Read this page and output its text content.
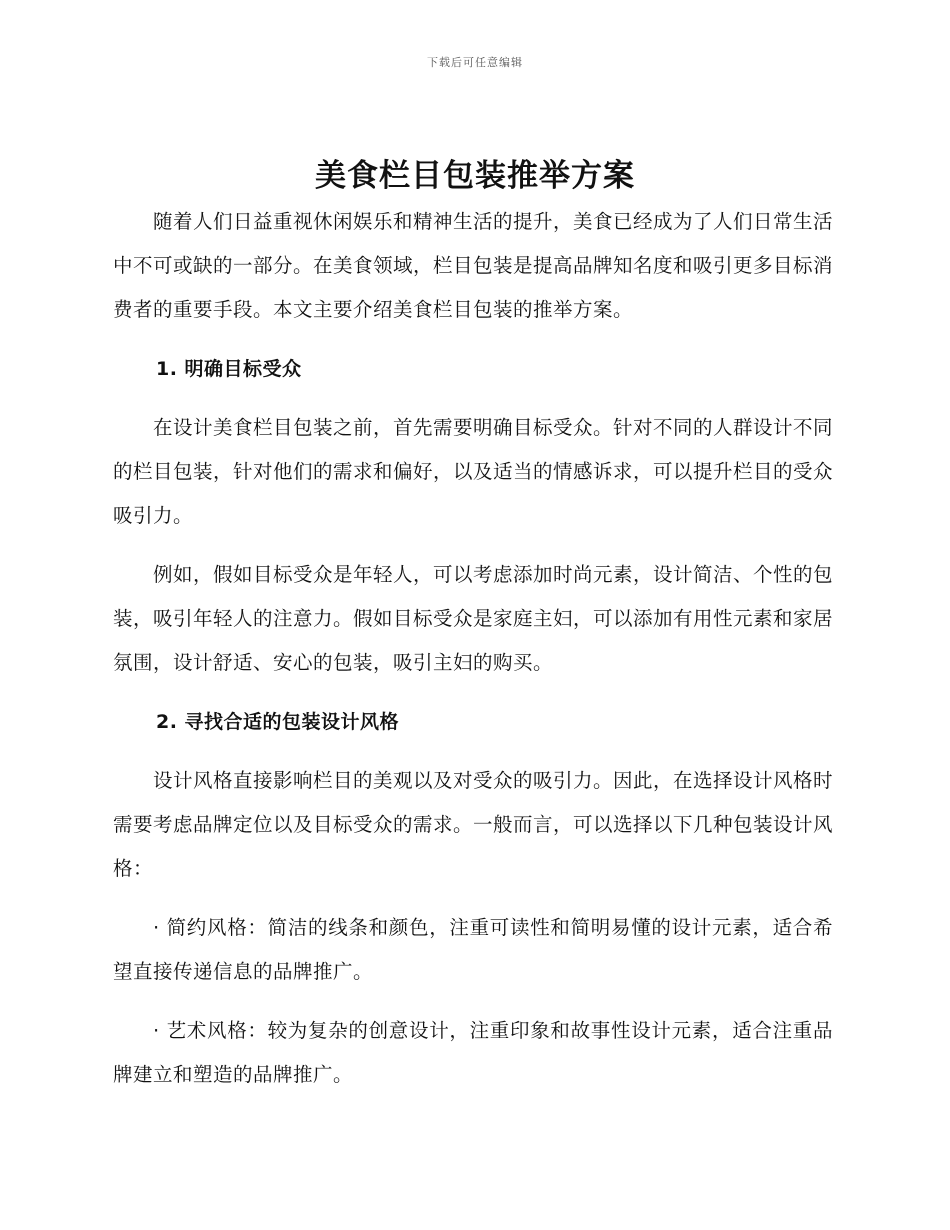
下载后可任意编辑
美食栏目包装推举方案

随着人们日益重视休闲娱乐和精神生活的提升，美食已经成为了人们日常生活中不可或缺的一部分。在美食领域，栏目包装是提高品牌知名度和吸引更多目标消费者的重要手段。本文主要介绍美食栏目包装的推举方案。

1. 明确目标受众

在设计美食栏目包装之前，首先需要明确目标受众。针对不同的人群设计不同的栏目包装，针对他们的需求和偏好，以及适当的情感诉求，可以提升栏目的受众吸引力。

例如，假如目标受众是年轻人，可以考虑添加时尚元素，设计简洁、个性的包装，吸引年轻人的注意力。假如目标受众是家庭主妇，可以添加有用性元素和家居氛围，设计舒适、安心的包装，吸引主妇的购买。

2. 寻找合适的包装设计风格

设计风格直接影响栏目的美观以及对受众的吸引力。因此，在选择设计风格时需要考虑品牌定位以及目标受众的需求。一般而言，可以选择以下几种包装设计风格：

· 简约风格：简洁的线条和颜色，注重可读性和简明易懂的设计元素，适合希望直接传递信息的品牌推广。

· 艺术风格：较为复杂的创意设计，注重印象和故事性设计元素，适合注重品牌建立和塑造的品牌推广。
